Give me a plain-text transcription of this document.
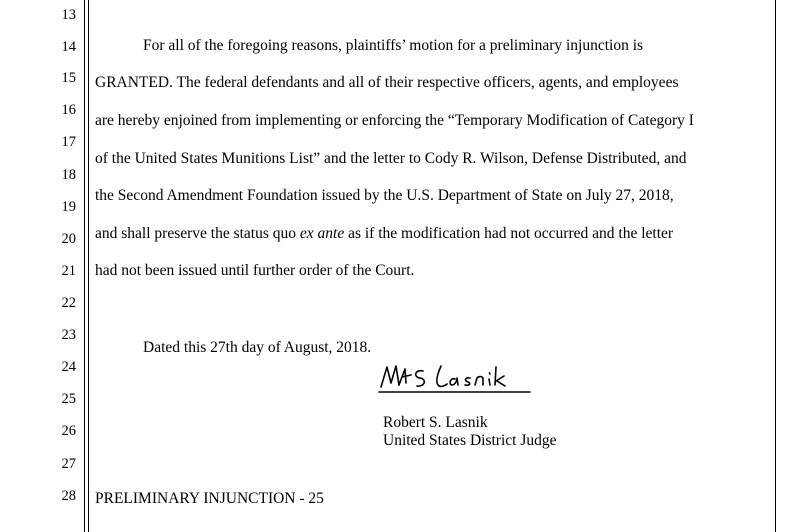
13
14
15
16
17
18
19
20
21
22
23
24
25
26
27
28
For all of the foregoing reasons, plaintiffs’ motion for a preliminary injunction is
GRANTED. The federal defendants and all of their respective officers, agents, and employees
are hereby enjoined from implementing or enforcing the “Temporary Modification of Category I
of the United States Munitions List” and the letter to Cody R. Wilson, Defense Distributed, and
the Second Amendment Foundation issued by the U.S. Department of State on July 27, 2018,
and shall preserve the status quo ex ante as if the modification had not occurred and the letter
had not been issued until further order of the Court.
Dated this 27th day of August, 2018.
Robert S. Lasnik
United States District Judge
PRELIMINARY INJUNCTION - 25
